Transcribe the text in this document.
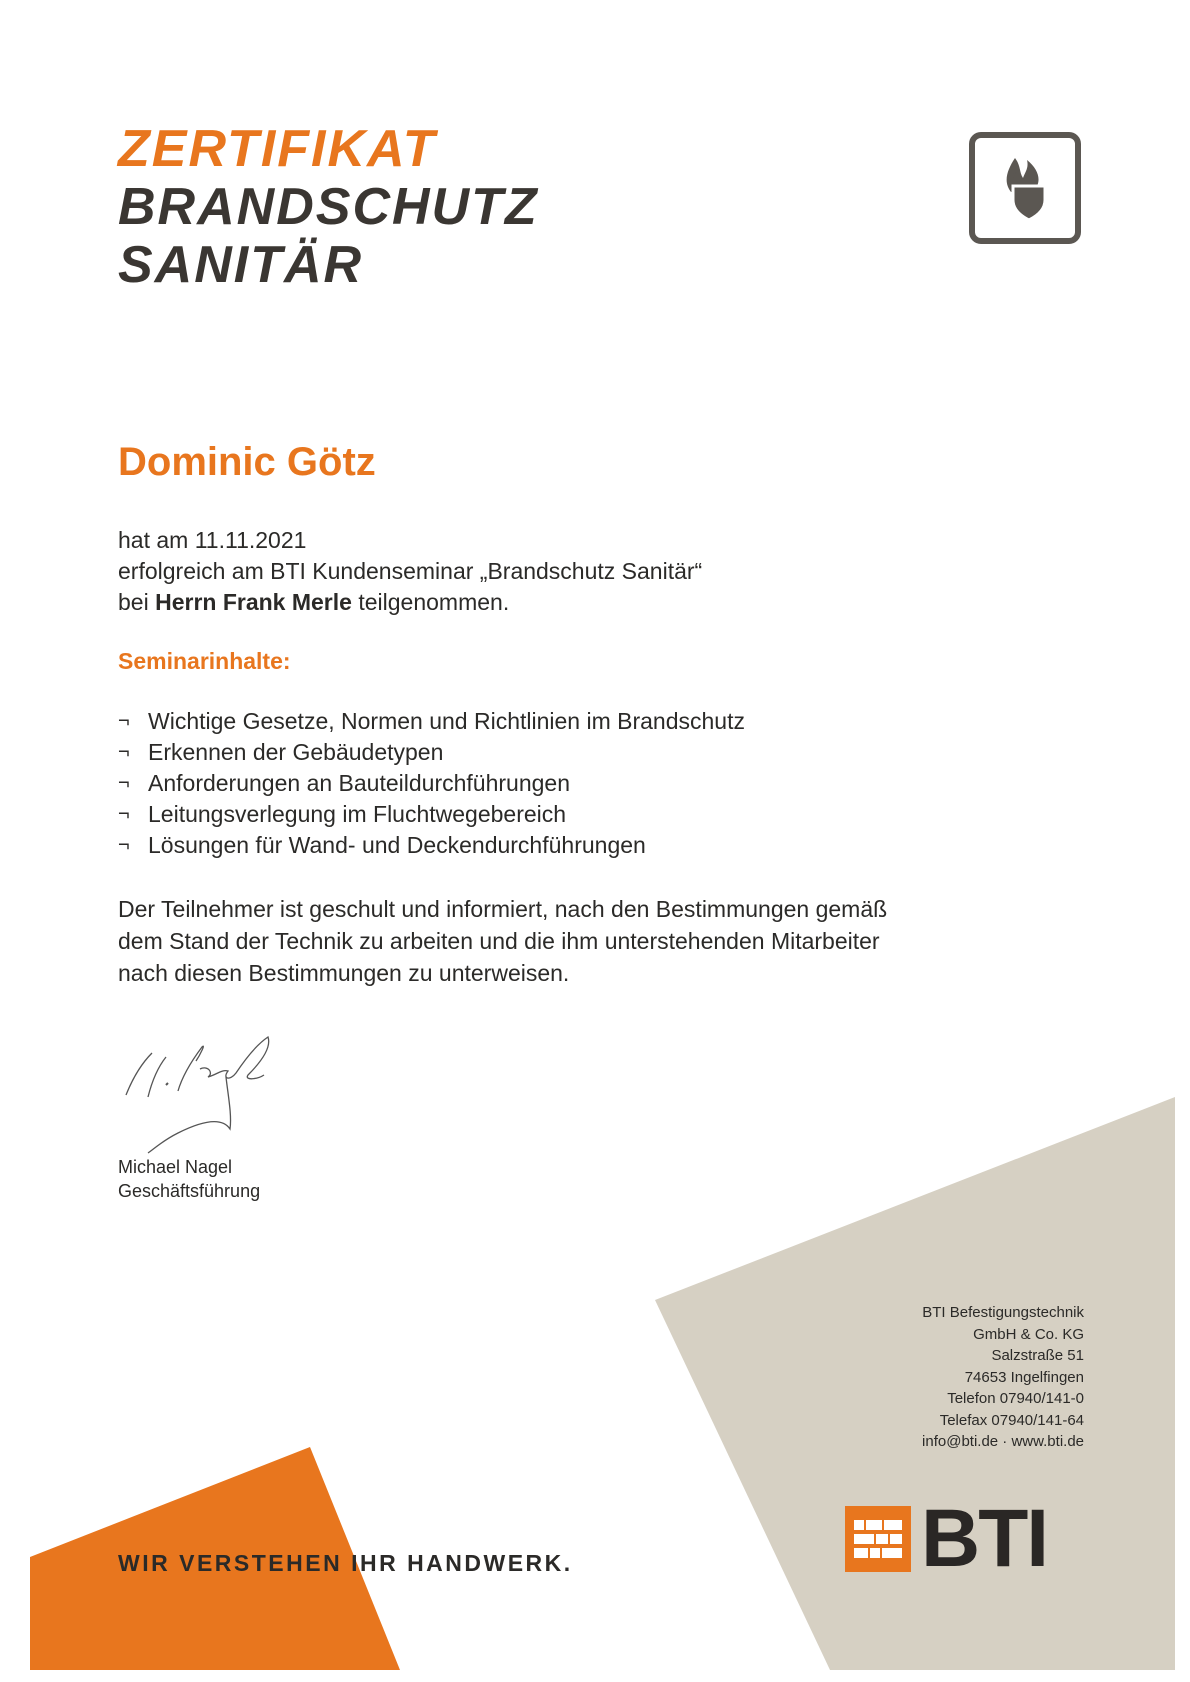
ZERTIFIKAT
BRANDSCHUTZ
SANITÄR
Dominic Götz

hat am 11.11.2021

erfolgreich am BTI Kundenseminar „Brandschutz Sanitär“

bei Herrn Frank Merle teilgenommen.

Seminarinhalte:
¬ Wichtige Gesetze, Normen und Richtlinien im Brandschutz
¬ Erkennen der Gebäudetypen
¬ Anforderungen an Bauteildurchführungen
¬ Leitungsverlegung im Fluchtwegebereich
¬ Lösungen für Wand- und Deckendurchführungen

Der Teilnehmer ist geschult und informiert, nach den Bestimmungen gemäß
dem Stand der Technik zu arbeiten und die ihm unterstehenden Mitarbeiter
nach diesen Bestimmungen zu unterweisen.

Michael Nagel
Geschäftsführung
BTI Befestigungstechnik
GmbH & Co. KG
Salzstraße 51
74653 Ingelfingen
Telefon 07940/141-0
Telefax 07940/141-64
info@bti.de · www.bti.de
BTI
WIR VERSTEHEN IHR HANDWERK.
